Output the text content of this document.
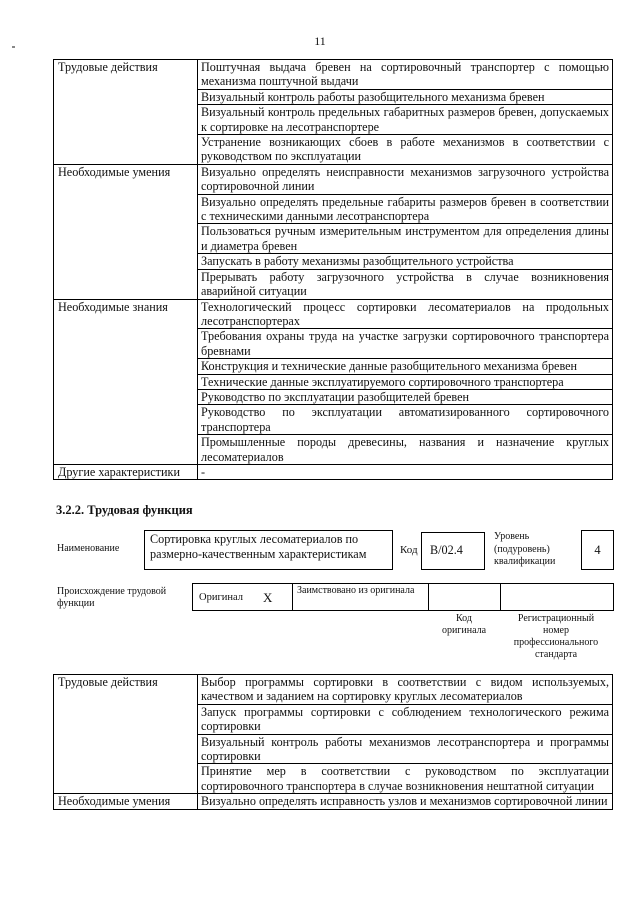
11
Трудовые действия	Поштучная выдача бревен на сортировочный транспортер с помощью механизма поштучной выдачи
	Визуальный контроль работы разобщительного механизма бревен
	Визуальный контроль предельных габаритных размеров бревен, допускаемых к сортировке на лесотранспортере
	Устранение возникающих сбоев в работе механизмов в соответствии с руководством по эксплуатации
Необходимые умения	Визуально определять неисправности механизмов загрузочного устройства сортировочной линии
	Визуально определять предельные габариты размеров бревен в соответствии с техническими данными лесотранспортера
	Пользоваться ручным измерительным инструментом для определения длины и диаметра бревен
	Запускать в работу механизмы разобщительного устройства
	Прерывать работу загрузочного устройства в случае возникновения аварийной ситуации
Необходимые знания	Технологический процесс сортировки лесоматериалов на продольных лесотранспортерах
	Требования охраны труда на участке загрузки сортировочного транспортера бревнами
	Конструкция и технические данные разобщительного механизма бревен
	Технические данные эксплуатируемого сортировочного транспортера
	Руководство по эксплуатации разобщителей бревен
	Руководство по эксплуатации автоматизированного сортировочного транспортера
	Промышленные породы древесины, названия и назначение круглых лесоматериалов
Другие характеристики	-
3.2.2. Трудовая функция
Наименование
Сортировка круглых лесоматериалов по размерно-качественным характеристикам	Код	В/02.4
Уровень (подуровень) квалификации
4
Происхождение трудовой функции
Оригинал Х Заимствовано из оригинала
Код оригинала
Регистрационный номер профессионального стандарта
Трудовые действия	Выбор программы сортировки в соответствии с видом используемых, качеством и заданием на сортировку круглых лесоматериалов
	Запуск программы сортировки с соблюдением технологического режима сортировки
	Визуальный контроль работы механизмов лесотранспортера и программы сортировки
	Принятие мер в соответствии с руководством по эксплуатации сортировочного транспортера в случае возникновения нештатной ситуации
Необходимые умения	Визуально определять исправность узлов и механизмов сортировочной линии
